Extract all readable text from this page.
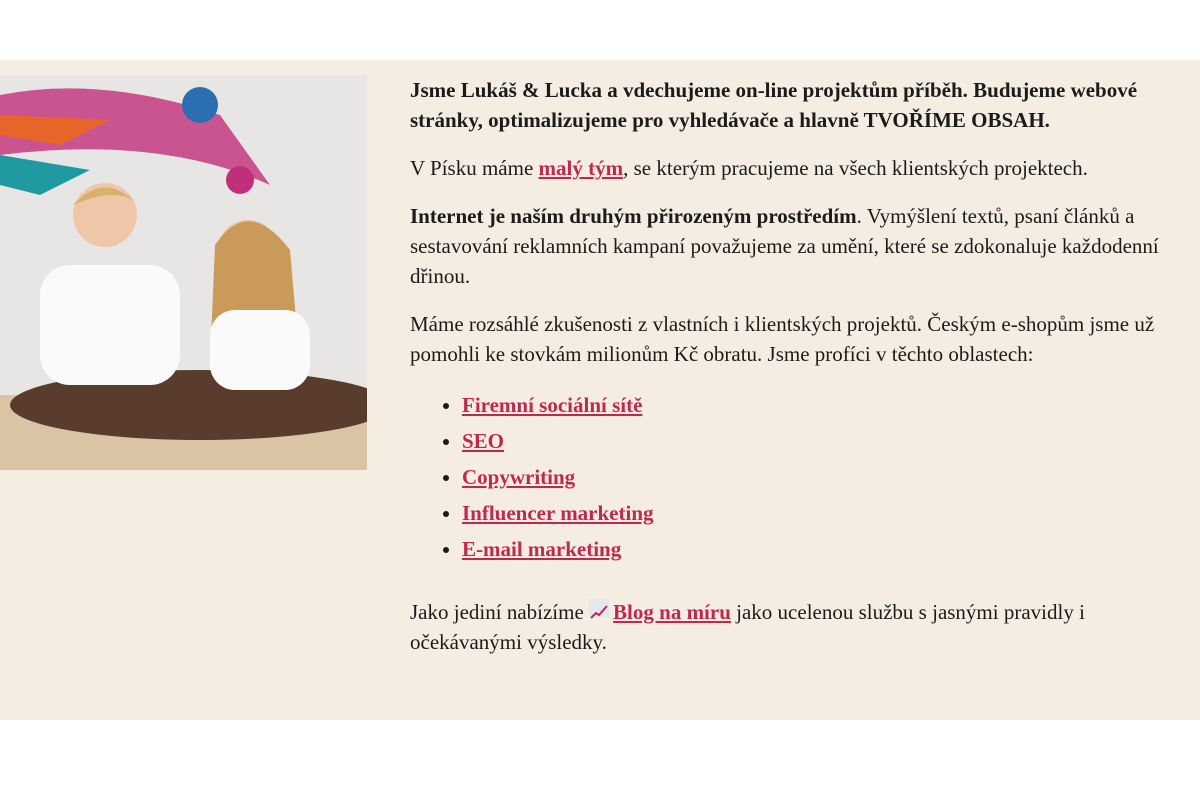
Jsme Lukáš & Lucka a vdechujeme on-line projektům příběh. Budujeme webové stránky, optimalizujeme pro vyhledávače a hlavně TVOŘÍME OBSAH.

V Písku máme malý tým, se kterým pracujeme na všech klientských projektech.

Internet je naším druhým přirozeným prostředím. Vymýšlení textů, psaní článků a sestavování reklamních kampaní považujeme za umění, které se zdokonaluje každodenní dřinou.

Máme rozsáhlé zkušenosti z vlastních i klientských projektů. Českým e-shopům jsme už pomohli ke stovkám milionům Kč obratu. Jsme profíci v těchto oblastech:

• Firemní sociální sítě
• SEO
• Copywriting
• Influencer marketing
• E-mail marketing

Jako jediní nabízíme Blog na míru jako ucelenou službu s jasnými pravidly i očekávanými výsledky.
